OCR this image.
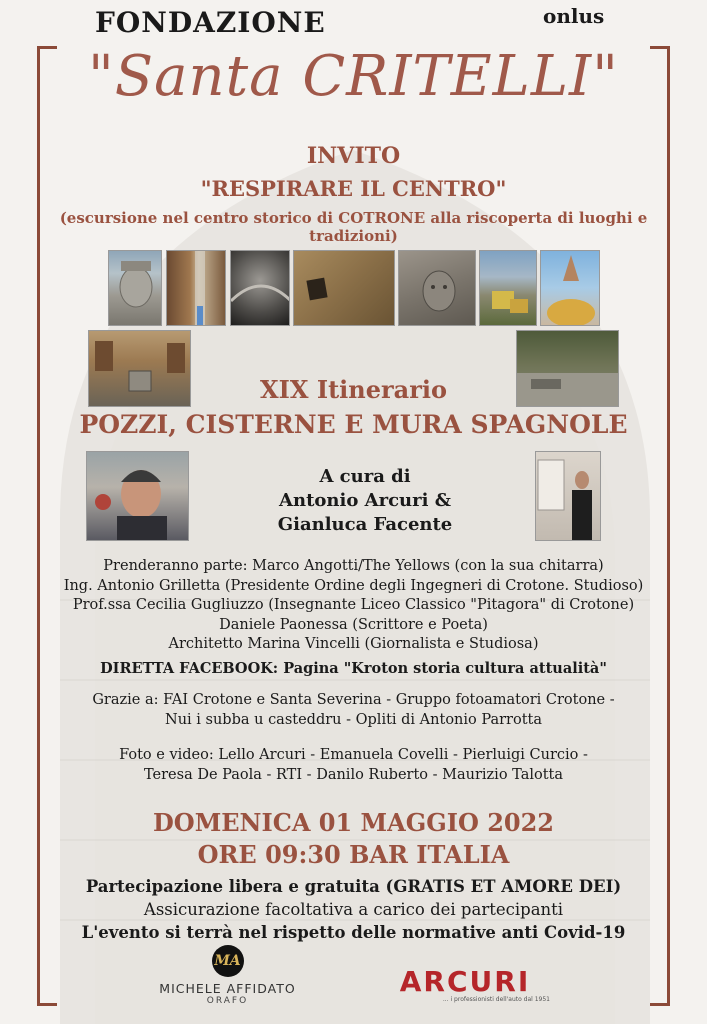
FONDAZIONE	onlus
"Santa CRITELLI"
INVITO
"RESPIRARE IL CENTRO"
(escursione nel centro storico di COTRONE alla riscoperta di luoghi e tradizioni)
XIX Itinerario
POZZI, CISTERNE E MURA SPAGNOLE
A cura di
Antonio Arcuri &
Gianluca Facente
Prenderanno parte: Marco Angotti/The Yellows (con la sua chitarra)
Ing. Antonio Grilletta (Presidente Ordine degli Ingegneri di Crotone. Studioso)
Prof.ssa Cecilia Gugliuzzo (Insegnante Liceo Classico "Pitagora" di Crotone)
Daniele Paonessa (Scrittore e Poeta)
Architetto Marina Vincelli (Giornalista e Studiosa)
DIRETTA FACEBOOK: Pagina "Kroton storia cultura attualità"
Grazie a: FAI Crotone e Santa Severina - Gruppo fotoamatori Crotone -
Nui i subba u casteddru - Opliti di Antonio Parrotta
Foto e video: Lello Arcuri - Emanuela Covelli - Pierluigi Curcio -
Teresa De Paola - RTI - Danilo Ruberto - Maurizio Talotta
DOMENICA 01 MAGGIO 2022
ORE 09:30 BAR ITALIA
Partecipazione libera e gratuita (GRATIS ET AMORE DEI)
Assicurazione facoltativa a carico dei partecipanti
L'evento si terrà nel rispetto delle normative anti Covid-19
MA
MICHELE AFFIDATO
ORAFO
ARCURI
... i professionisti dell'auto dal 1951
